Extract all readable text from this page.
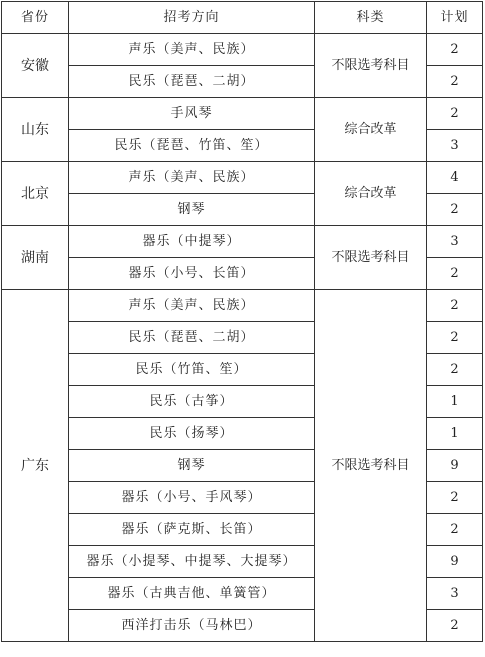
省份	招考方向	科类	计划
安徽	声乐（美声、民族）	不限选考科目	2
	民乐（琵琶、二胡）		2
山东	手风琴	综合改革	2
	民乐（琵琶、竹笛、笙）		3
北京	声乐（美声、民族）	综合改革	4
	钢琴		2
湖南	器乐（中提琴）	不限选考科目	3
	器乐（小号、长笛）		2
广东	声乐（美声、民族）	不限选考科目	2
	民乐（琵琶、二胡）		2
	民乐（竹笛、笙）		2
	民乐（古筝）		1
	民乐（扬琴）		1
	钢琴		9
	器乐（小号、手风琴）		2
	器乐（萨克斯、长笛）		2
	器乐（小提琴、中提琴、大提琴）		9
	器乐（古典吉他、单簧管）		3
	西洋打击乐（马林巴）		2
